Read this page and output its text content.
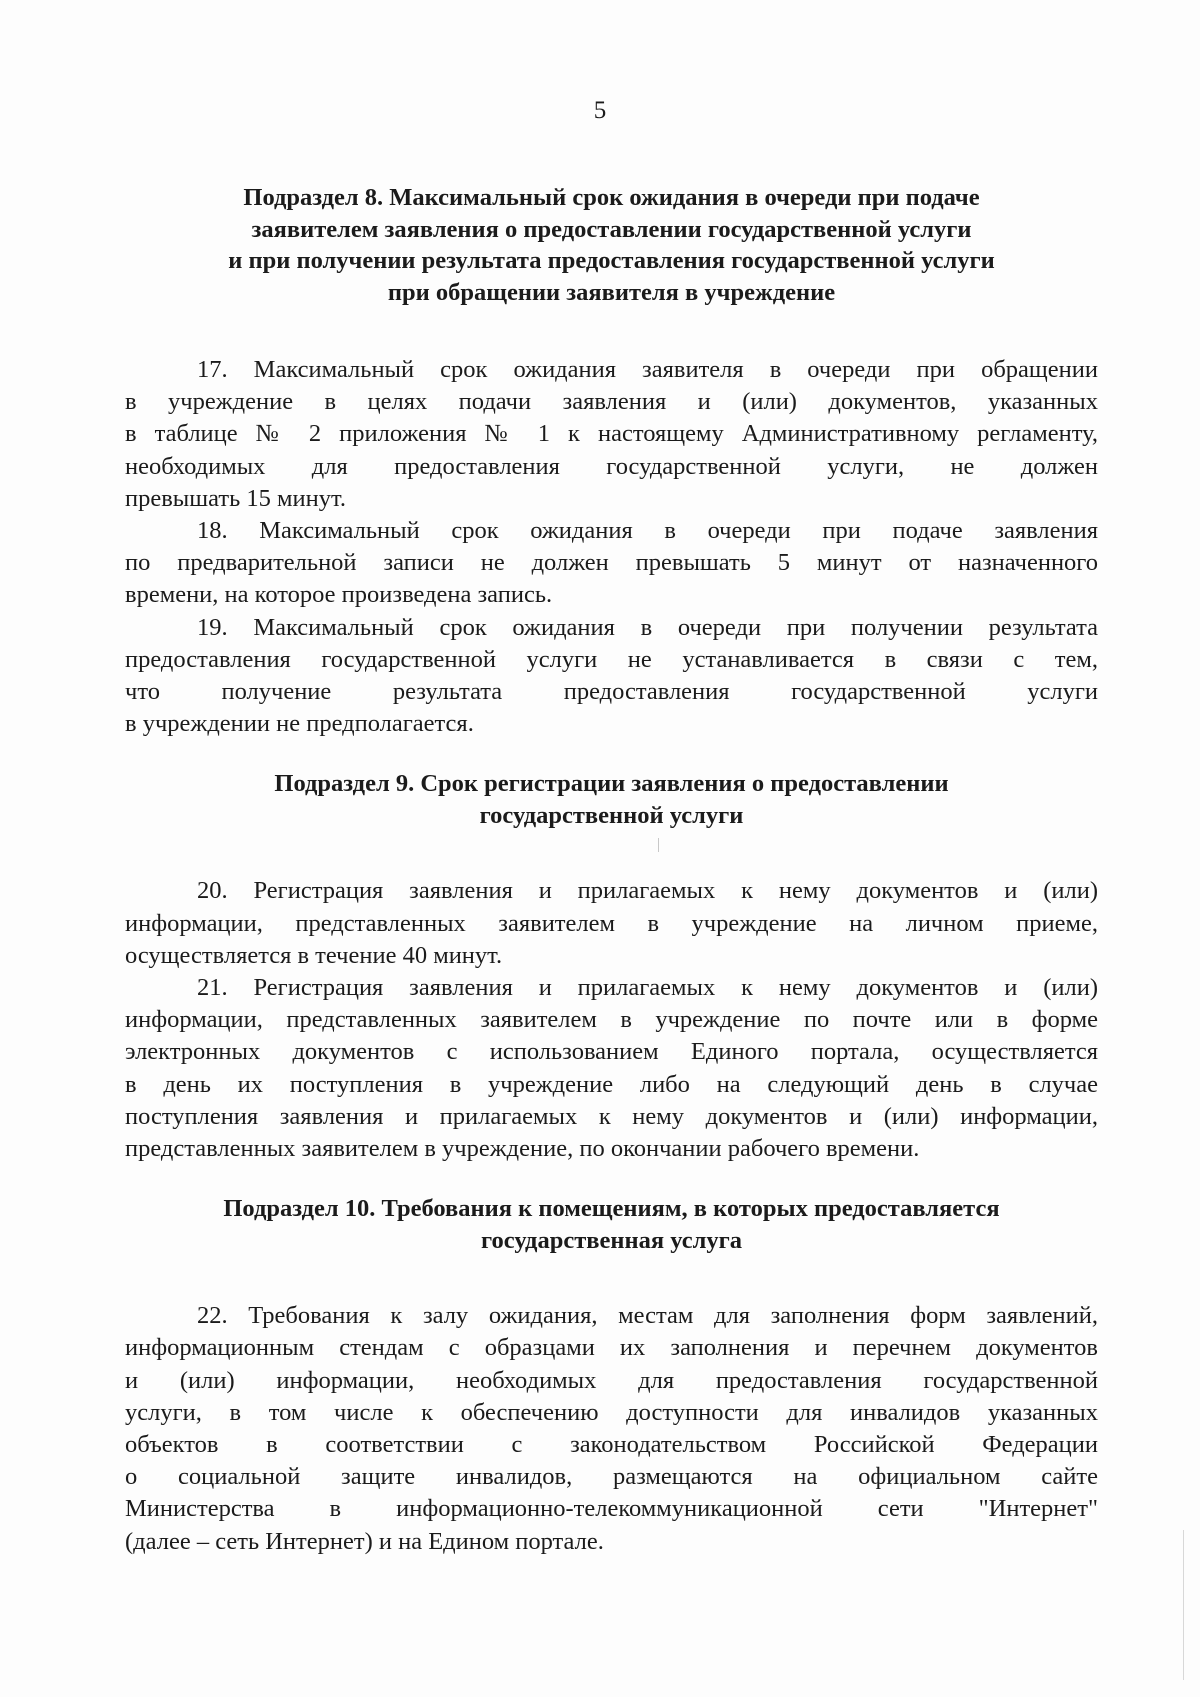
5
Подраздел 8. Максимальный срок ожидания в очереди при подаче
заявителем заявления о предоставлении государственной услуги
и при получении результата предоставления государственной услуги
при обращении заявителя в учреждение

17. Максимальный срок ожидания заявителя в очереди при обращении
в учреждение в целях подачи заявления и (или) документов, указанных
в таблице № 2 приложения № 1 к настоящему Административному регламенту,
необходимых для предоставления государственной услуги, не должен
превышать 15 минут.

18. Максимальный срок ожидания в очереди при подаче заявления
по предварительной записи не должен превышать 5 минут от назначенного
времени, на которое произведена запись.

19. Максимальный срок ожидания в очереди при получении результата
предоставления государственной услуги не устанавливается в связи с тем,
что получение результата предоставления государственной услуги
в учреждении не предполагается.

Подраздел 9. Срок регистрации заявления о предоставлении
государственной услуги

20. Регистрация заявления и прилагаемых к нему документов и (или)
информации, представленных заявителем в учреждение на личном приеме,
осуществляется в течение 40 минут.

21. Регистрация заявления и прилагаемых к нему документов и (или)
информации, представленных заявителем в учреждение по почте или в форме
электронных документов с использованием Единого портала, осуществляется
в день их поступления в учреждение либо на следующий день в случае
поступления заявления и прилагаемых к нему документов и (или) информации,
представленных заявителем в учреждение, по окончании рабочего времени.

Подраздел 10. Требования к помещениям, в которых предоставляется
государственная услуга

22. Требования к залу ожидания, местам для заполнения форм заявлений,
информационным стендам с образцами их заполнения и перечнем документов
и (или) информации, необходимых для предоставления государственной
услуги, в том числе к обеспечению доступности для инвалидов указанных
объектов в соответствии с законодательством Российской Федерации
о социальной защите инвалидов, размещаются на официальном сайте
Министерства в информационно-телекоммуникационной сети "Интернет"
(далее – сеть Интернет) и на Едином портале.
